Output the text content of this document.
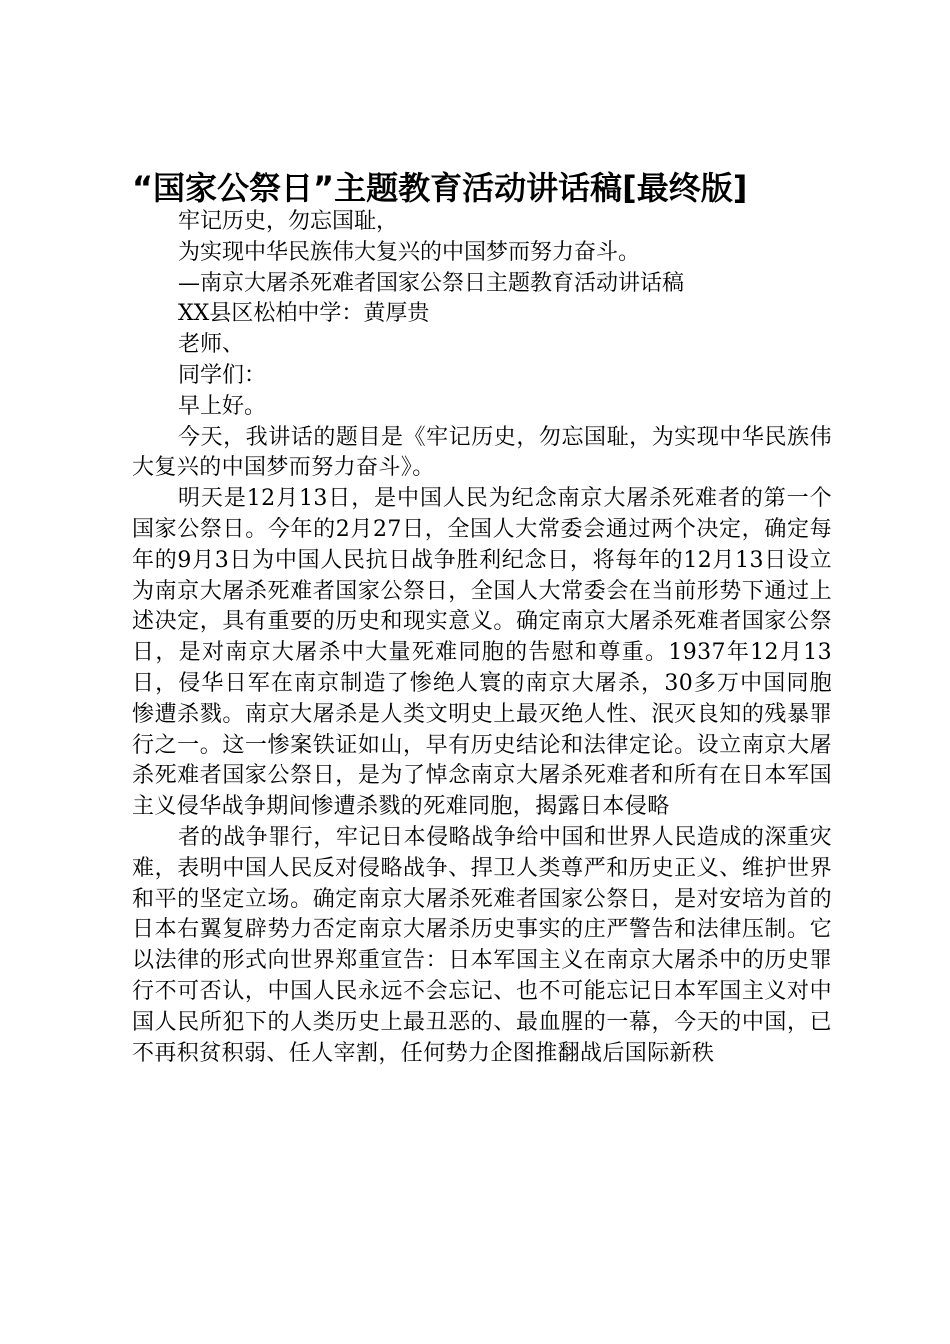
“国家公祭日”主题教育活动讲话稿[最终版]

牢记历史，勿忘国耻，

为实现中华民族伟大复兴的中国梦而努力奋斗。

—南京大屠杀死难者国家公祭日主题教育活动讲话稿

XX县区松柏中学：黄厚贵

老师、

同学们：

早上好。

今天，我讲话的题目是《牢记历史，勿忘国耻，为实现中华民族伟大复兴的中国梦而努力奋斗》。

明天是12月13日，是中国人民为纪念南京大屠杀死难者的第一个国家公祭日。今年的2月27日，全国人大常委会通过两个决定，确定每年的9月3日为中国人民抗日战争胜利纪念日，将每年的12月13日设立为南京大屠杀死难者国家公祭日，全国人大常委会在当前形势下通过上述决定，具有重要的历史和现实意义。确定南京大屠杀死难者国家公祭日，是对南京大屠杀中大量死难同胞的告慰和尊重。1937年12月13日，侵华日军在南京制造了惨绝人寰的南京大屠杀，30多万中国同胞惨遭杀戮。南京大屠杀是人类文明史上最灭绝人性、泯灭良知的残暴罪行之一。这一惨案铁证如山，早有历史结论和法律定论。设立南京大屠杀死难者国家公祭日，是为了悼念南京大屠杀死难者和所有在日本军国主义侵华战争期间惨遭杀戮的死难同胞，揭露日本侵略

者的战争罪行，牢记日本侵略战争给中国和世界人民造成的深重灾难，表明中国人民反对侵略战争、捍卫人类尊严和历史正义、维护世界和平的坚定立场。确定南京大屠杀死难者国家公祭日，是对安培为首的日本右翼复辟势力否定南京大屠杀历史事实的庄严警告和法律压制。它以法律的形式向世界郑重宣告：日本军国主义在南京大屠杀中的历史罪行不可否认，中国人民永远不会忘记、也不可能忘记日本军国主义对中国人民所犯下的人类历史上最丑恶的、最血腥的一幕，今天的中国，已不再积贫积弱、任人宰割，任何势力企图推翻战后国际新秩
